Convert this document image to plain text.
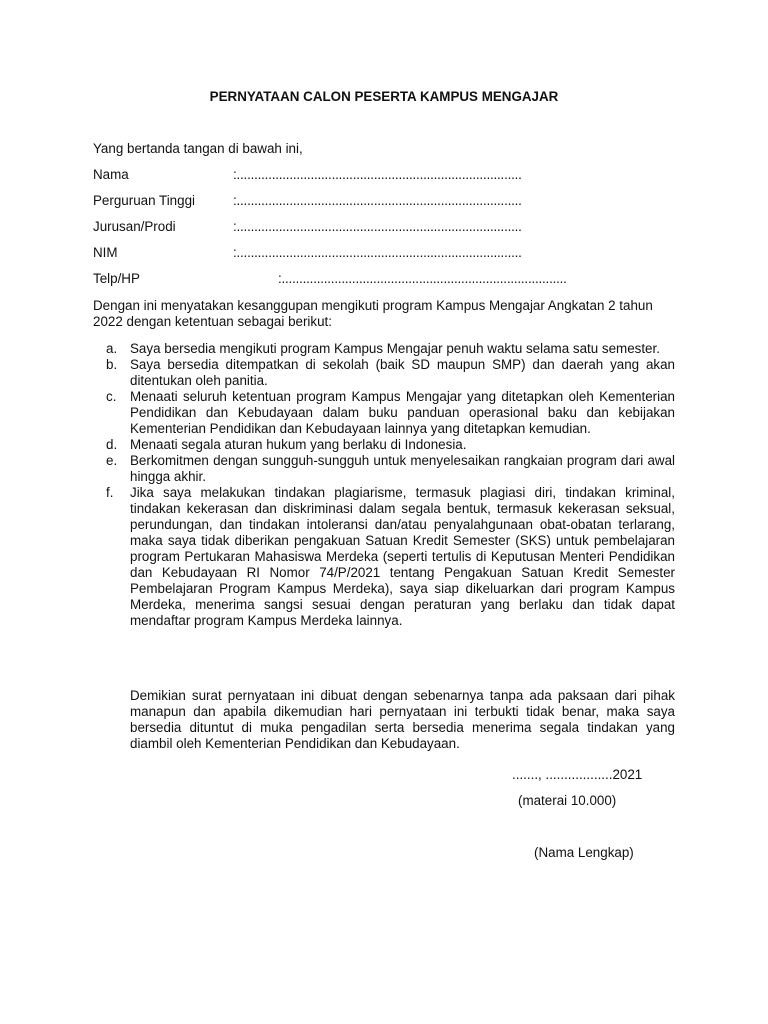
PERNYATAAN CALON PESERTA KAMPUS MENGAJAR
Yang bertanda tangan di bawah ini,
Nama	:.................................................................................
Perguruan Tinggi	:.................................................................................
Jurusan/Prodi	:.................................................................................
NIM	:.................................................................................
Telp/HP	:.................................................................................
Dengan ini menyatakan kesanggupan mengikuti program Kampus Mengajar Angkatan 2 tahun 2022 dengan ketentuan sebagai berikut:
a. Saya bersedia mengikuti program Kampus Mengajar penuh waktu selama satu semester.
b. Saya bersedia ditempatkan di sekolah (baik SD maupun SMP) dan daerah yang akan ditentukan oleh panitia.
c. Menaati seluruh ketentuan program Kampus Mengajar yang ditetapkan oleh Kementerian Pendidikan dan Kebudayaan dalam buku panduan operasional baku dan kebijakan Kementerian Pendidikan dan Kebudayaan lainnya yang ditetapkan kemudian.
d. Menaati segala aturan hukum yang berlaku di Indonesia.
e. Berkomitmen dengan sungguh-sungguh untuk menyelesaikan rangkaian program dari awal hingga akhir.
f. Jika saya melakukan tindakan plagiarisme, termasuk plagiasi diri, tindakan kriminal, tindakan kekerasan dan diskriminasi dalam segala bentuk, termasuk kekerasan seksual, perundungan, dan tindakan intoleransi dan/atau penyalahgunaan obat-obatan terlarang, maka saya tidak diberikan pengakuan Satuan Kredit Semester (SKS) untuk pembelajaran program Pertukaran Mahasiswa Merdeka (seperti tertulis di Keputusan Menteri Pendidikan dan Kebudayaan RI Nomor 74/P/2021 tentang Pengakuan Satuan Kredit Semester Pembelajaran Program Kampus Merdeka), saya siap dikeluarkan dari program Kampus Merdeka, menerima sangsi sesuai dengan peraturan yang berlaku dan tidak dapat mendaftar program Kampus Merdeka lainnya.
Demikian surat pernyataan ini dibuat dengan sebenarnya tanpa ada paksaan dari pihak manapun dan apabila dikemudian hari pernyataan ini terbukti tidak benar, maka saya bersedia dituntut di muka pengadilan serta bersedia menerima segala tindakan yang diambil oleh Kementerian Pendidikan dan Kebudayaan.
......., ..................2021
(materai 10.000)
(Nama Lengkap)
